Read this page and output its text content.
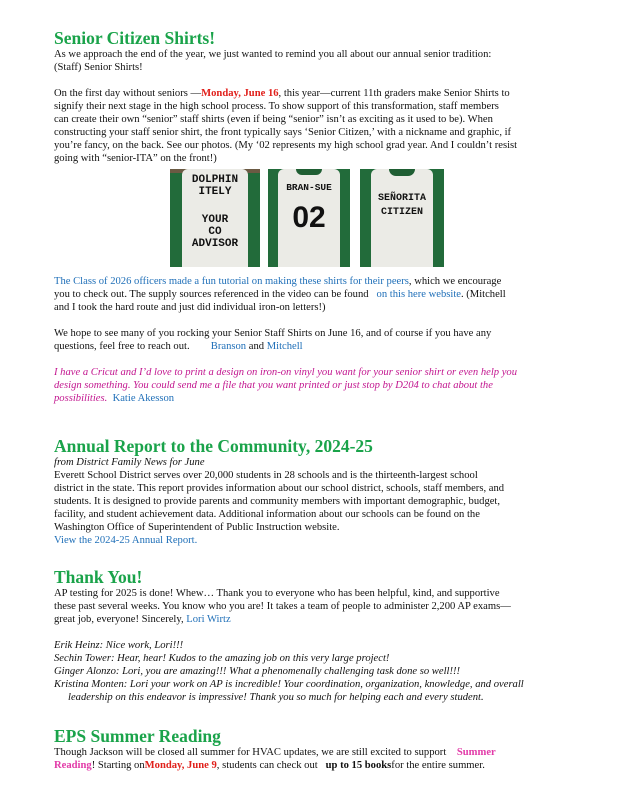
Senior Citizen Shirts!

As we approach the end of the year, we just wanted to remind you all about our annual senior tradition:

(Staff) Senior Shirts!

On the first day without seniors —Monday, June 16, this year—current 11th graders make Senior Shirts to
signify their next stage in the high school process. To show support of this transformation, staff members
can create their own “senior” staff shirts (even if being “senior” isn’t as exciting as it used to be). When
constructing your staff senior shirt, the front typically says ‘Senior Citizen,’ with a nickname and graphic, if
you’re fancy, on the back. See our photos. (My ‘02 represents my high school grad year. And I couldn’t resist
going with “senior-ITA” on the front!)

DOLPHIN
ITELY
YOUR
CO
ADVISOR
BRAN-SUE
02
SEÑORITA
CITIZEN

The Class of 2026 officers made a fun tutorial on making these shirts for their peers, which we encourage
you to check out. The supply sources referenced in the video can be found on this here website. (Mitchell
and I took the hard route and just did individual iron-on letters!)

We hope to see many of you rocking your Senior Staff Shirts on June 16, and of course if you have any
questions, feel free to reach out. Branson and Mitchell

I have a Cricut and I’d love to print a design on iron-on vinyl you want for your senior shirt or even help you
design something. You could send me a file that you want printed or just stop by D204 to chat about the
possibilities. Katie Akesson

Annual Report to the Community, 2024-25

from District Family News for June

Everett School District serves over 20,000 students in 28 schools and is the thirteenth-largest school

district in the state. This report provides information about our school district, schools, staff members, and

students. It is designed to provide parents and community members with important demographic, budget,

facility, and student achievement data. Additional information about our schools can be found on the

Washington Office of Superintendent of Public Instruction website.

View the 2024-25 Annual Report.

Thank You!

AP testing for 2025 is done! Whew… Thank you to everyone who has been helpful, kind, and supportive

these past several weeks. You know who you are! It takes a team of people to administer 2,200 AP exams—

great job, everyone! Sincerely, Lori Wirtz

Erik Heinz: Nice work, Lori!!!

Sechin Tower: Hear, hear! Kudos to the amazing job on this very large project!

Ginger Alonzo: Lori, you are amazing!!! What a phenomenally challenging task done so well!!!

Kristina Monten: Lori your work on AP is incredible! Your coordination, organization, knowledge, and overall

leadership on this endeavor is impressive! Thank you so much for helping each and every student.

EPS Summer Reading

Though Jackson will be closed all summer for HVAC updates, we are still excited to support Summer

Reading! Starting onMonday, June 9, students can check out up to 15 booksfor the entire summer.
